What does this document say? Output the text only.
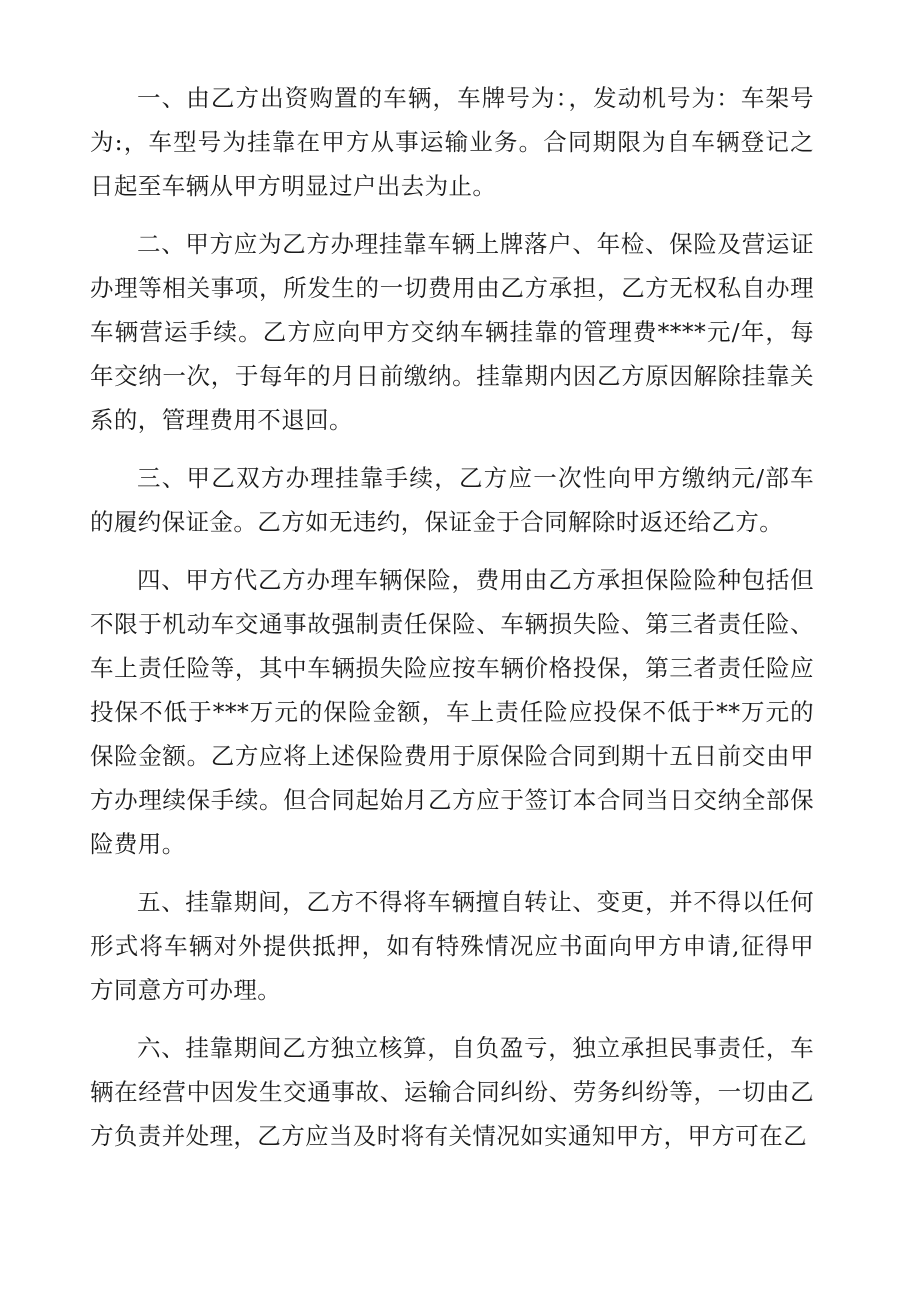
一、由乙方出资购置的车辆，车牌号为：，发动机号为：车架号为:，车型号为挂靠在甲方从事运输业务。合同期限为自车辆登记之日起至车辆从甲方明显过户出去为止。

二、甲方应为乙方办理挂靠车辆上牌落户、年检、保险及营运证办理等相关事项，所发生的一切费用由乙方承担，乙方无权私自办理车辆营运手续。乙方应向甲方交纳车辆挂靠的管理费****元/年，每年交纳一次，于每年的月日前缴纳。挂靠期内因乙方原因解除挂靠关系的，管理费用不退回。

三、甲乙双方办理挂靠手续，乙方应一次性向甲方缴纳元/部车的履约保证金。乙方如无违约，保证金于合同解除时返还给乙方。

四、甲方代乙方办理车辆保险，费用由乙方承担保险险种包括但不限于机动车交通事故强制责任保险、车辆损失险、第三者责任险、车上责任险等，其中车辆损失险应按车辆价格投保，第三者责任险应投保不低于***万元的保险金额，车上责任险应投保不低于**万元的保险金额。乙方应将上述保险费用于原保险合同到期十五日前交由甲方办理续保手续。但合同起始月乙方应于签订本合同当日交纳全部保险费用。

五、挂靠期间，乙方不得将车辆擅自转让、变更，并不得以任何形式将车辆对外提供抵押，如有特殊情况应书面向甲方申请,征得甲方同意方可办理。

六、挂靠期间乙方独立核算，自负盈亏，独立承担民事责任，车辆在经营中因发生交通事故、运输合同纠纷、劳务纠纷等，一切由乙方负责并处理，乙方应当及时将有关情况如实通知甲方，甲方可在乙
